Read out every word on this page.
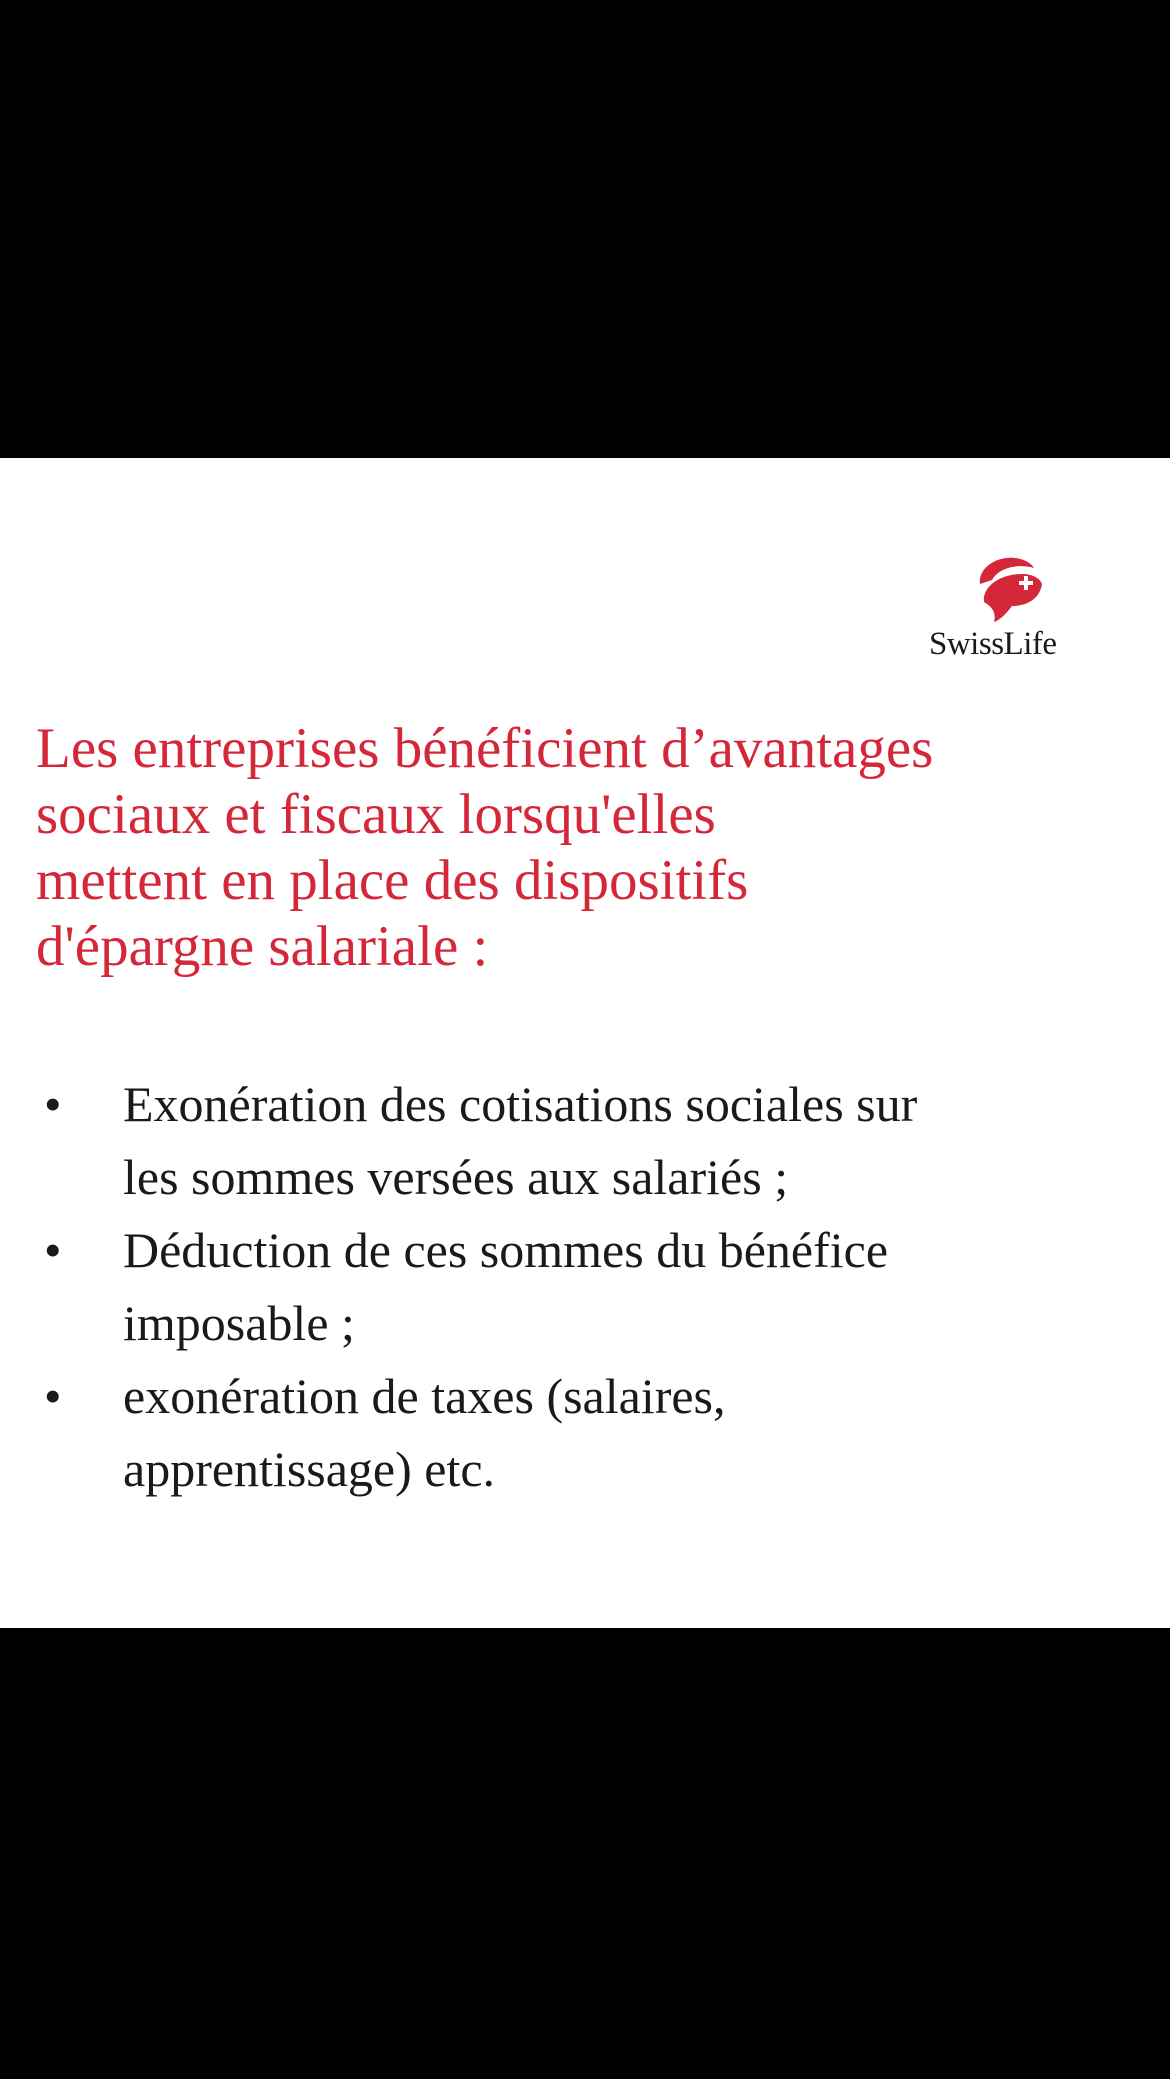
SwissLife
Les entreprises bénéficient d’avantages
sociaux et fiscaux lorsqu'elles
mettent en place des dispositifs
d'épargne salariale :
• Exonération des cotisations sociales sur
les sommes versées aux salariés ;
• Déduction de ces sommes du bénéfice
imposable ;
• exonération de taxes (salaires,
apprentissage) etc.
